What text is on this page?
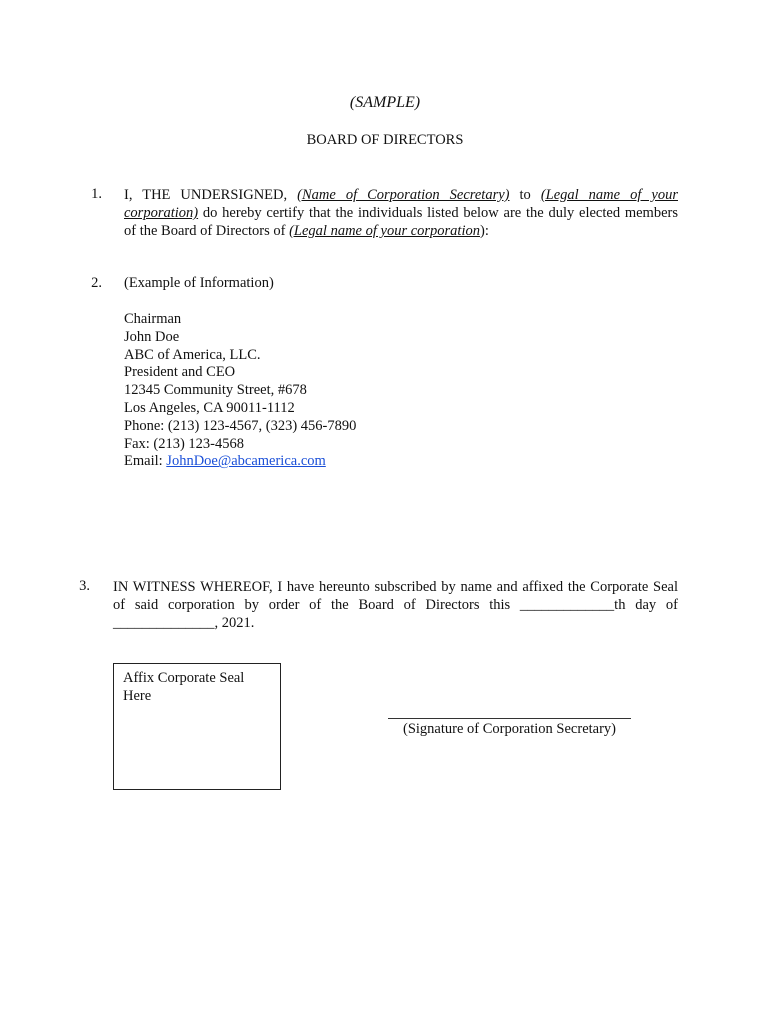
(SAMPLE)
BOARD OF DIRECTORS
1. I, THE UNDERSIGNED, (Name of Corporation Secretary) to (Legal name of your corporation) do hereby certify that the individuals listed below are the duly elected members of the Board of Directors of (Legal name of your corporation):
2. (Example of Information)
Chairman
John Doe
ABC of America, LLC.
President and CEO
12345 Community Street, #678
Los Angeles, CA 90011-1112
Phone: (213) 123-4567, (323) 456-7890
Fax: (213) 123-4568
Email: JohnDoe@abcamerica.com
3. IN WITNESS WHEREOF, I have hereunto subscribed by name and affixed the Corporate Seal of said corporation by order of the Board of Directors this _____________th day of ______________, 2021.
Affix Corporate Seal
Here
(Signature of Corporation Secretary)
